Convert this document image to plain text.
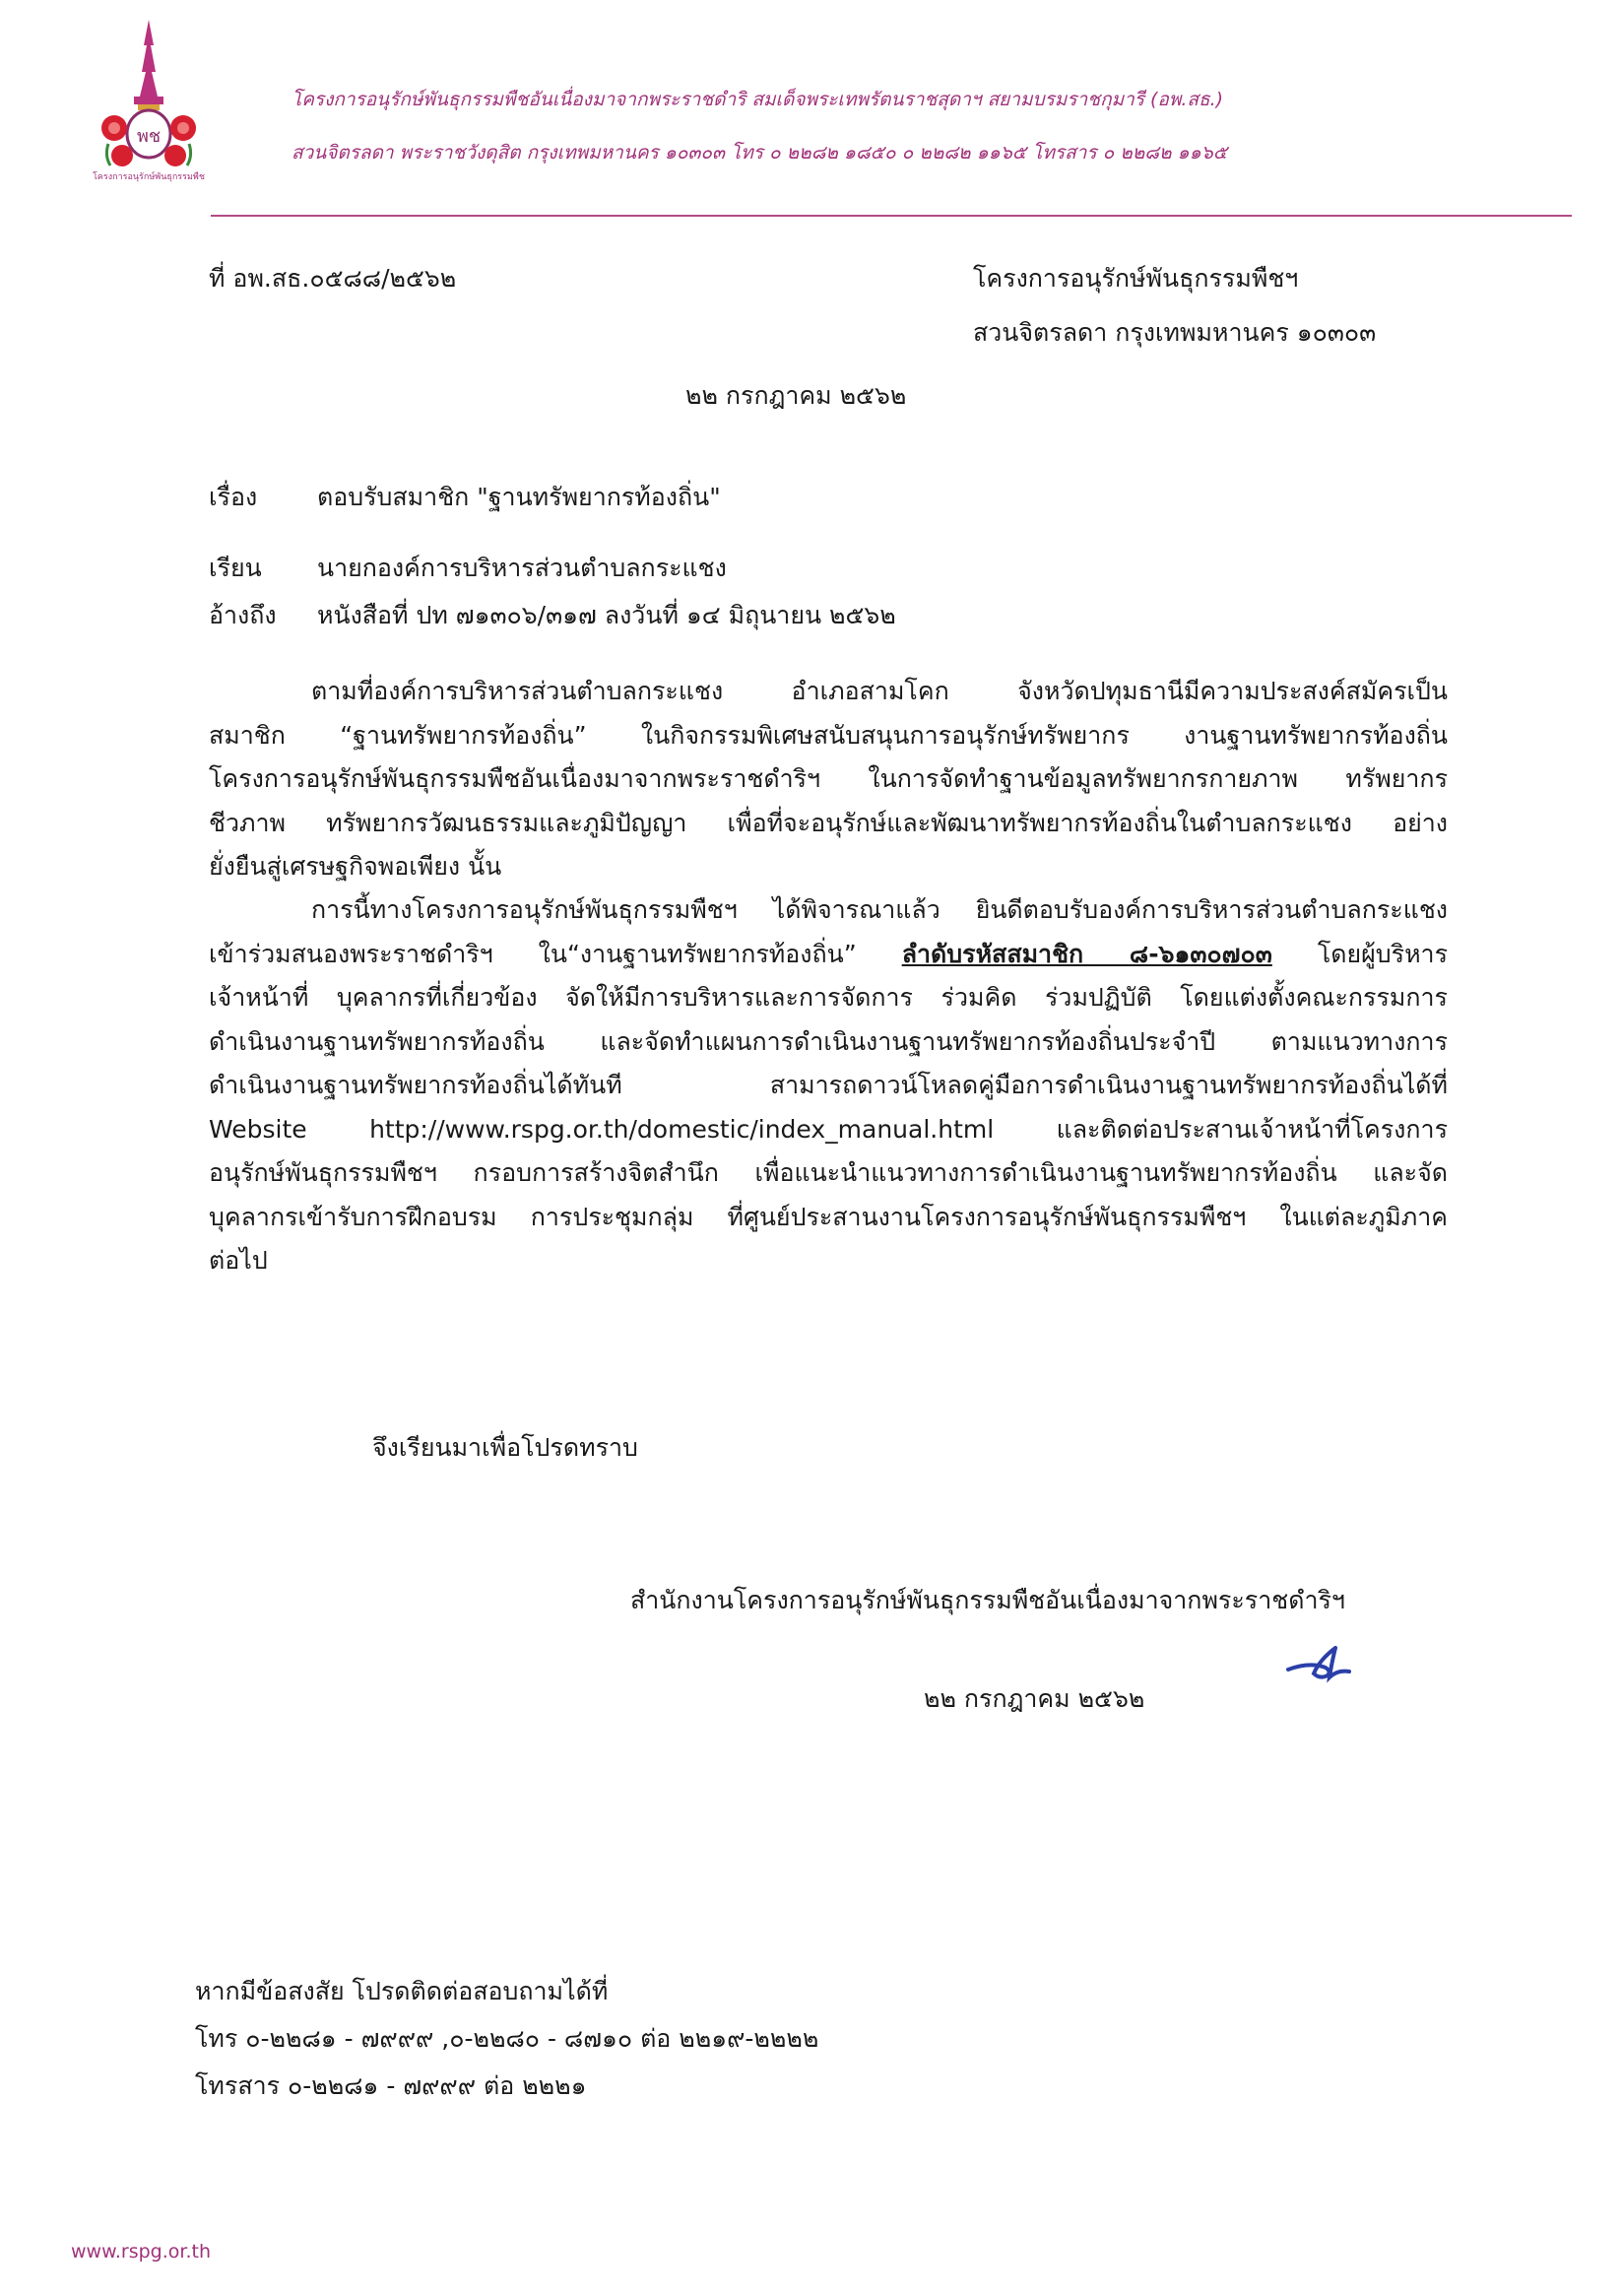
พช
โครงการอนุรักษ์พันธุกรรมพืช
โครงการอนุรักษ์พันธุกรรมพืชอันเนื่องมาจากพระราชดำริ สมเด็จพระเทพรัตนราชสุดาฯ สยามบรมราชกุมารี (อพ.สธ.)
สวนจิตรลดา พระราชวังดุสิต กรุงเทพมหานคร ๑๐๓๐๓ โทร ๐ ๒๒๘๒ ๑๘๕๐ ๐ ๒๒๘๒ ๑๑๖๕ โทรสาร ๐ ๒๒๘๒ ๑๑๖๕
ที่ อพ.สธ.๐๕๘๘/๒๕๖๒	โครงการอนุรักษ์พันธุกรรมพืชฯ
สวนจิตรลดา กรุงเทพมหานคร ๑๐๓๐๓
๒๒ กรกฎาคม ๒๕๖๒
เรื่อง ตอบรับสมาชิก "ฐานทรัพยากรท้องถิ่น"
เรียน นายกองค์การบริหารส่วนตำบลกระแชง
อ้างถึง หนังสือที่ ปท ๗๑๓๐๖/๓๑๗ ลงวันที่ ๑๔ มิถุนายน ๒๕๖๒
ตามที่องค์การบริหารส่วนตำบลกระแชง อำเภอสามโคก จังหวัดปทุมธานีมีความประสงค์สมัครเป็น
สมาชิก “ฐานทรัพยากรท้องถิ่น” ในกิจกรรมพิเศษสนับสนุนการอนุรักษ์ทรัพยากร งานฐานทรัพยากรท้องถิ่น
โครงการอนุรักษ์พันธุกรรมพืชอันเนื่องมาจากพระราชดำริฯ ในการจัดทำฐานข้อมูลทรัพยากรกายภาพ ทรัพยากร
ชีวภาพ ทรัพยากรวัฒนธรรมและภูมิปัญญา เพื่อที่จะอนุรักษ์และพัฒนาทรัพยากรท้องถิ่นในตำบลกระแชง อย่าง
ยั่งยืนสู่เศรษฐกิจพอเพียง นั้น
การนี้ทางโครงการอนุรักษ์พันธุกรรมพืชฯ ได้พิจารณาแล้ว ยินดีตอบรับองค์การบริหารส่วนตำบลกระแชง
เข้าร่วมสนองพระราชดำริฯ ใน“งานฐานทรัพยากรท้องถิ่น” ลำดับรหัสสมาชิก ๘-๖๑๓๐๗๐๓ โดยผู้บริหาร
เจ้าหน้าที่ บุคลากรที่เกี่ยวข้อง จัดให้มีการบริหารและการจัดการ ร่วมคิด ร่วมปฏิบัติ โดยแต่งตั้งคณะกรรมการ
ดำเนินงานฐานทรัพยากรท้องถิ่น และจัดทำแผนการดำเนินงานฐานทรัพยากรท้องถิ่นประจำปี ตามแนวทางการ
ดำเนินงานฐานทรัพยากรท้องถิ่นได้ทันที สามารถดาวน์โหลดคู่มือการดำเนินงานฐานทรัพยากรท้องถิ่นได้ที่
Website http://www.rspg.or.th/domestic/index_manual.html และติดต่อประสานเจ้าหน้าที่โครงการ
อนุรักษ์พันธุกรรมพืชฯ กรอบการสร้างจิตสำนึก เพื่อแนะนำแนวทางการดำเนินงานฐานทรัพยากรท้องถิ่น และจัด
บุคลากรเข้ารับการฝึกอบรม การประชุมกลุ่ม ที่ศูนย์ประสานงานโครงการอนุรักษ์พันธุกรรมพืชฯ ในแต่ละภูมิภาค
ต่อไป
จึงเรียนมาเพื่อโปรดทราบ
สำนักงานโครงการอนุรักษ์พันธุกรรมพืชอันเนื่องมาจากพระราชดำริฯ
๒๒ กรกฎาคม ๒๕๖๒
หากมีข้อสงสัย โปรดติดต่อสอบถามได้ที่
โทร ๐-๒๒๘๑ - ๗๙๙๙ ,๐-๒๒๘๐ - ๘๗๑๐ ต่อ ๒๒๑๙-๒๒๒๒
โทรสาร ๐-๒๒๘๑ - ๗๙๙๙ ต่อ ๒๒๒๑
www.rspg.or.th
